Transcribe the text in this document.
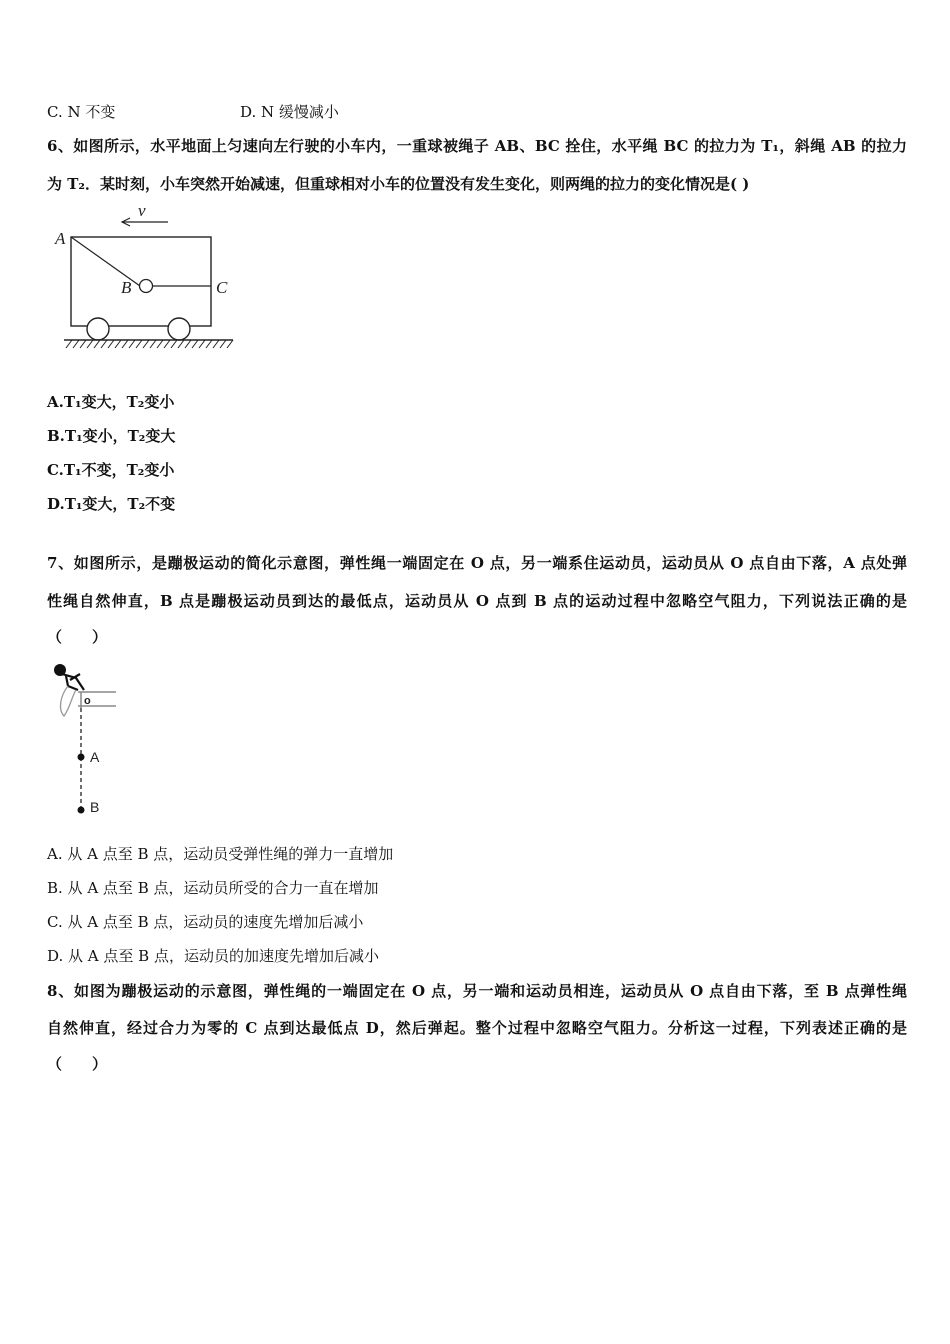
C. N 不变	D. N 缓慢减小
6、如图所示，水平地面上匀速向左行驶的小车内，一重球被绳子 AB、BC 拴住，水平绳 BC 的拉力为 T₁，斜绳 AB 的拉力
为 T₂．某时刻，小车突然开始减速，但重球相对小车的位置没有发生变化，则两绳的拉力的变化情况是( )
v
A
B	C
A.T₁变大，T₂变小
B.T₁变小，T₂变大
C.T₁不变，T₂变小
D.T₁变大，T₂不变
7、如图所示，是蹦极运动的简化示意图，弹性绳一端固定在 O 点，另一端系住运动员，运动员从 O 点自由下落，A 点处弹
性绳自然伸直，B 点是蹦极运动员到达的最低点，运动员从 O 点到 B 点的运动过程中忽略空气阻力，下列说法正确的是
（　　）
o
A
B
A. 从 A 点至 B 点，运动员受弹性绳的弹力一直增加
B. 从 A 点至 B 点，运动员所受的合力一直在增加
C. 从 A 点至 B 点，运动员的速度先增加后减小
D. 从 A 点至 B 点，运动员的加速度先增加后减小
8、如图为蹦极运动的示意图，弹性绳的一端固定在 O 点，另一端和运动员相连，运动员从 O 点自由下落，至 B 点弹性绳
自然伸直，经过合力为零的 C 点到达最低点 D，然后弹起。整个过程中忽略空气阻力。分析这一过程，下列表述正确的是
（　　）
